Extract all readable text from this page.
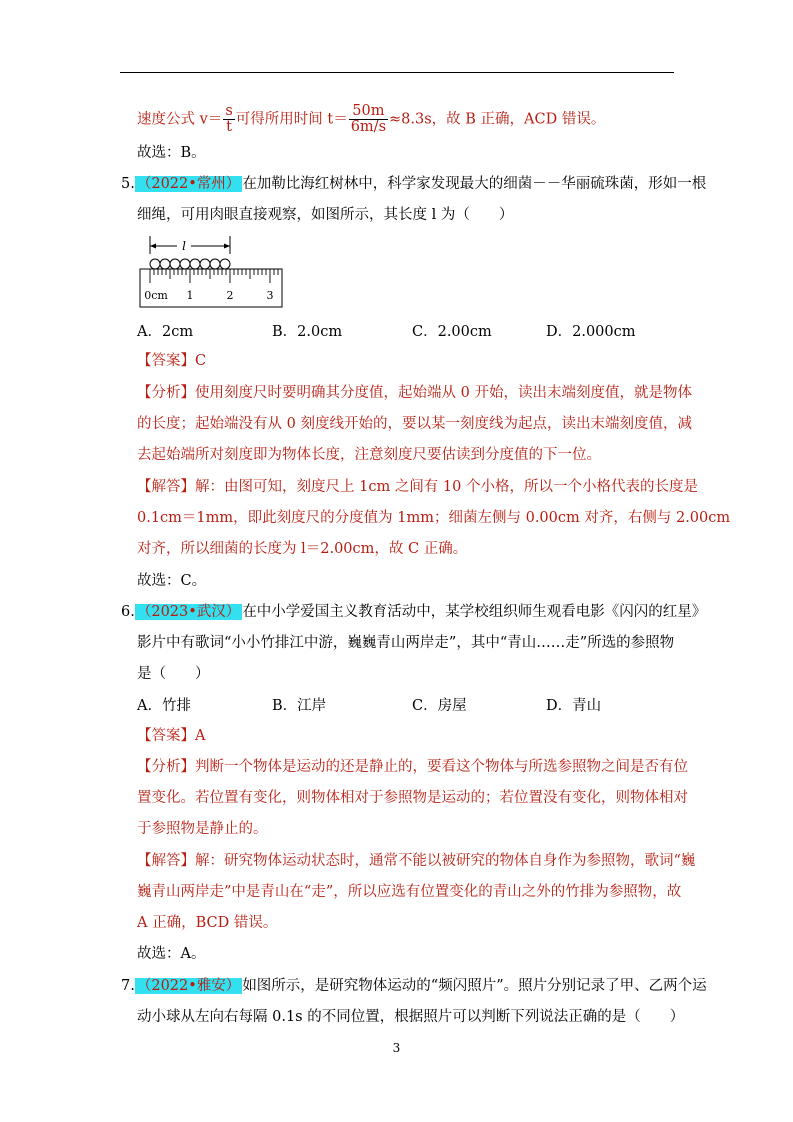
速度公式 $v= \frac{s}{t}$ 可得所用时间 $t= \frac{50m}{6m/s} \approx 8.3s$，故 B 正确，ACD 错误。
故选：B。
5. （2022•常州） 在加勒比海红树林中，科学家发现最大的细菌－－华丽硫珠菌，形如一根
细绳，可用肉眼直接观察，如图所示，其长度 l 为（　　）
l
0cm 1	2	3
A．2cm	B．2.0cm	C．2.00cm	D．2.000cm
【答案】C
【分析】使用刻度尺时要明确其分度值，起始端从 0 开始，读出末端刻度值，就是物体
的长度；起始端没有从 0 刻度线开始的，要以某一刻度线为起点，读出末端刻度值，减
去起始端所对刻度即为物体长度，注意刻度尺要估读到分度值的下一位。
【解答】解：由图可知，刻度尺上 1cm 之间有 10 个小格，所以一个小格代表的长度是
0.1cm＝1mm，即此刻度尺的分度值为 1mm；细菌左侧与 0.00cm 对齐，右侧与 2.00cm
对齐，所以细菌的长度为 l＝2.00cm，故 C 正确。
故选：C。
6. （2023•武汉） 在中小学爱国主义教育活动中，某学校组织师生观看电影《闪闪的红星》
影片中有歌词“小小竹排江中游，巍巍青山两岸走”，其中“青山……走”所选的参照物
是（　　）
A．竹排	B．江岸	C．房屋	D．青山
【答案】A
【分析】判断一个物体是运动的还是静止的，要看这个物体与所选参照物之间是否有位
置变化。若位置有变化，则物体相对于参照物是运动的；若位置没有变化，则物体相对
于参照物是静止的。
【解答】解：研究物体运动状态时，通常不能以被研究的物体自身作为参照物，歌词“巍
巍青山两岸走”中是青山在“走”，所以应选有位置变化的青山之外的竹排为参照物，故
A 正确，BCD 错误。
故选：A。
7. （2022•雅安） 如图所示，是研究物体运动的“频闪照片”。照片分别记录了甲、乙两个运
动小球从左向右每隔 0.1s 的不同位置，根据照片可以判断下列说法正确的是（　　）
3
